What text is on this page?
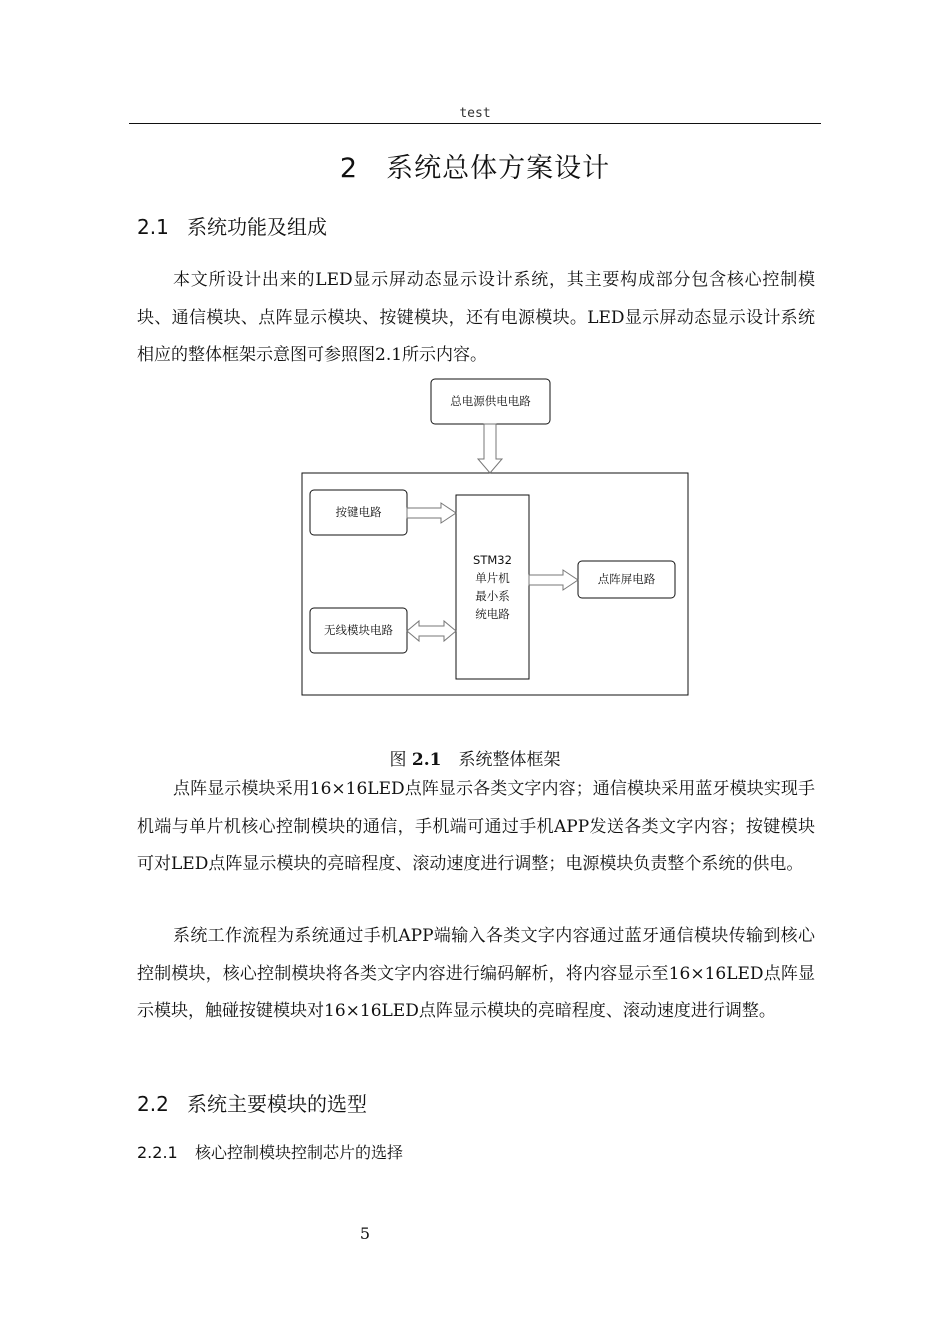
test
2　系统总体方案设计
2.1 系统功能及组成
本文所设计出来的LED显示屏动态显示设计系统，其主要构成部分包含核心控制模块、通信模块、点阵显示模块、按键模块，还有电源模块。LED显示屏动态显示设计系统相应的整体框架示意图可参照图2.1所示内容。
总电源供电电路
按键电路
无线模块电路
点阵屏电路
STM32
单片机
最小系
统电路
图 2.1　系统整体框架
点阵显示模块采用16×16LED点阵显示各类文字内容；通信模块采用蓝牙模块实现手机端与单片机核心控制模块的通信，手机端可通过手机APP发送各类文字内容；按键模块可对LED点阵显示模块的亮暗程度、滚动速度进行调整；电源模块负责整个系统的供电。
系统工作流程为系统通过手机APP端输入各类文字内容通过蓝牙通信模块传输到核心控制模块，核心控制模块将各类文字内容进行编码解析，将内容显示至16×16LED点阵显示模块，触碰按键模块对16×16LED点阵显示模块的亮暗程度、滚动速度进行调整。
2.2 系统主要模块的选型
2.2.1 核心控制模块控制芯片的选择
5
